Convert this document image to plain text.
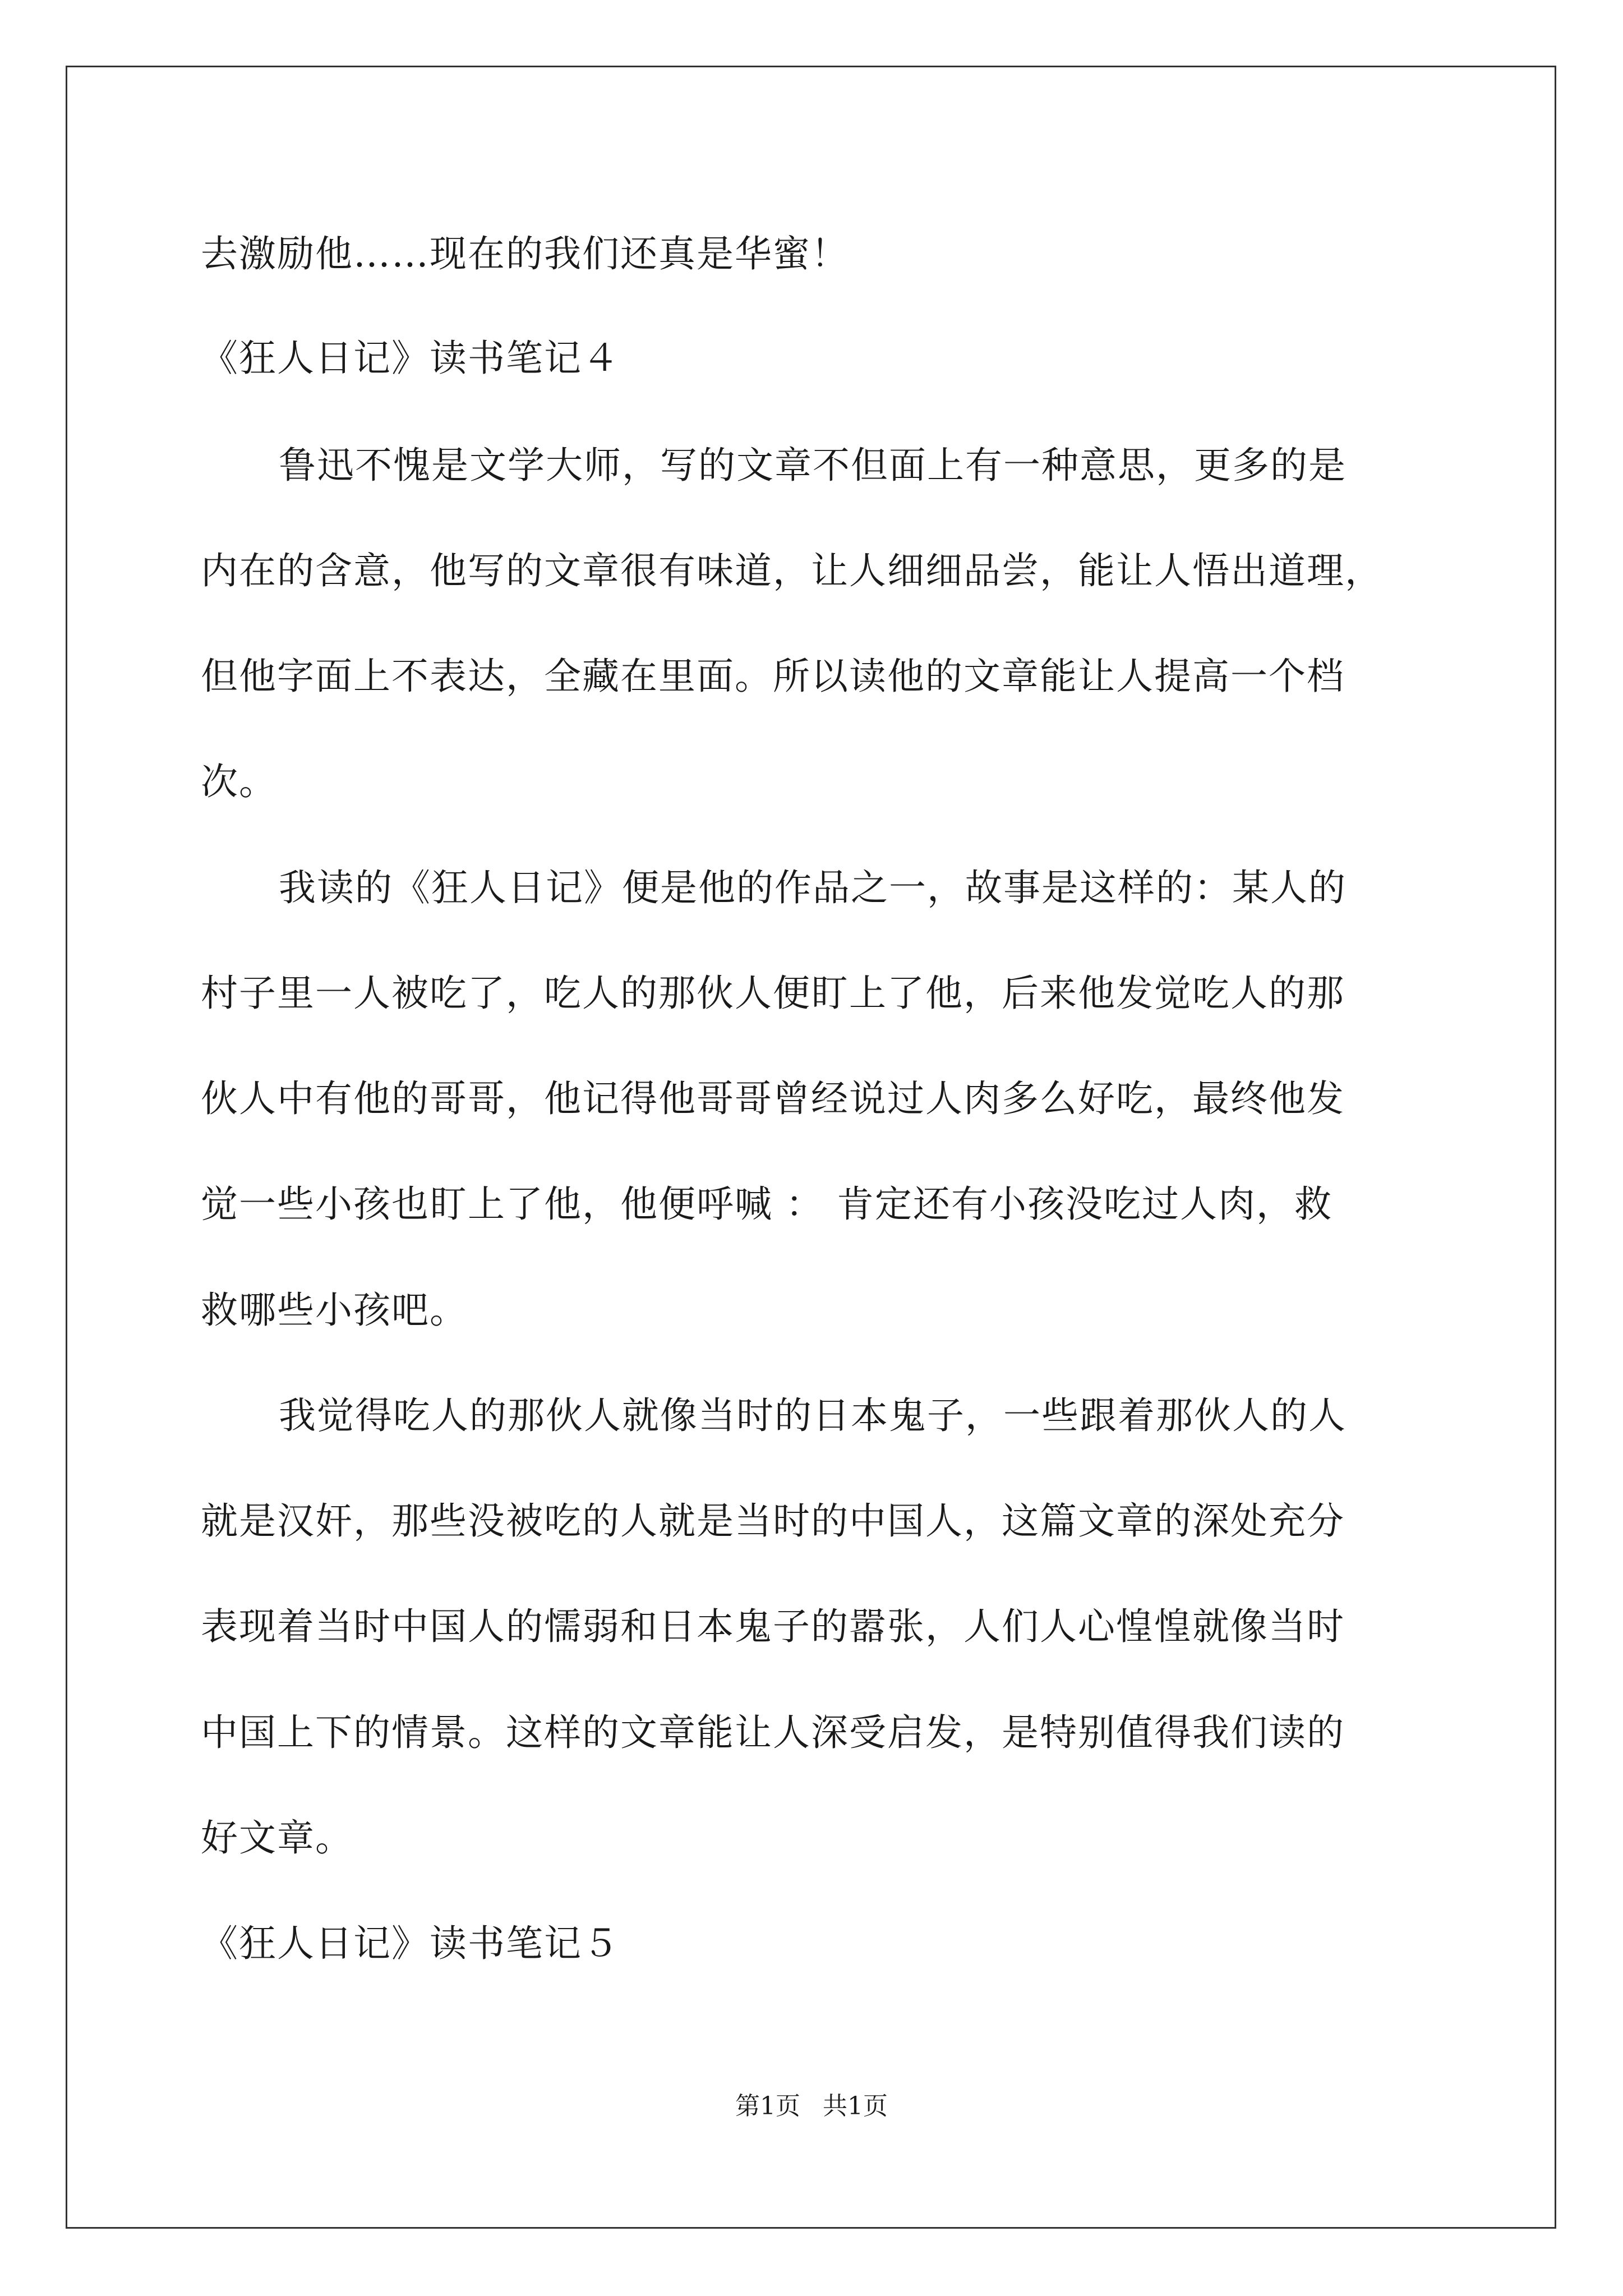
去激励他……现在的我们还真是华蜜！

《狂人日记》读书笔记４

鲁迅不愧是文学大师，写的文章不但面上有一种意思，更多的是

内在的含意，他写的文章很有味道，让人细细品尝，能让人悟出道理，

但他字面上不表达，全藏在里面。所以读他的文章能让人提高一个档

次。

我读的《狂人日记》便是他的作品之一，故事是这样的：某人的

村子里一人被吃了，吃人的那伙人便盯上了他，后来他发觉吃人的那

伙人中有他的哥哥，他记得他哥哥曾经说过人肉多么好吃，最终他发

觉一些小孩也盯上了他，他便呼喊 ： 肯定还有小孩没吃过人肉，救

救哪些小孩吧。

我觉得吃人的那伙人就像当时的日本鬼子，一些跟着那伙人的人

就是汉奸，那些没被吃的人就是当时的中国人，这篇文章的深处充分

表现着当时中国人的懦弱和日本鬼子的嚣张，人们人心惶惶就像当时

中国上下的情景。这样的文章能让人深受启发，是特别值得我们读的

好文章。

《狂人日记》读书笔记５

第1页 共1页
